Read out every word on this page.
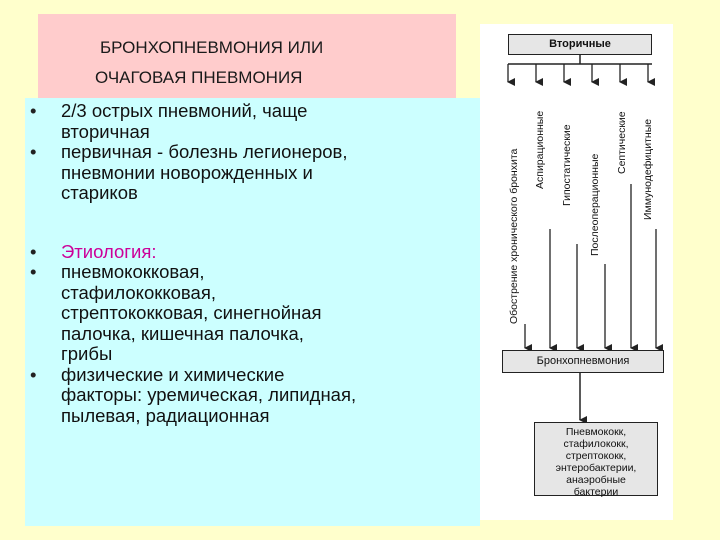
БРОНХОПНЕВМОНИЯ ИЛИ
ОЧАГОВАЯ ПНЕВМОНИЯ
• 2/3 острых пневмоний, чаще
вторичная
• первичная - болезнь легионеров,
пневмонии новорожденных и
стариков
• Этиология:
• пневмококковая,
стафилококковая,
стрептококковая, синегнойная
палочка, кишечная палочка,
грибы
• физические и химические
факторы: уремическая, липидная,
пылевая, радиационная
Вторичные
Обострение хронического бронхита Аспирационные Гипостатические Послеоперационные
Септические Иммунодефицитные
Бронхопневмония
Пневмококк,
стафилококк,
стрептококк,
энтеробактерии,
анаэробные
бактерии
